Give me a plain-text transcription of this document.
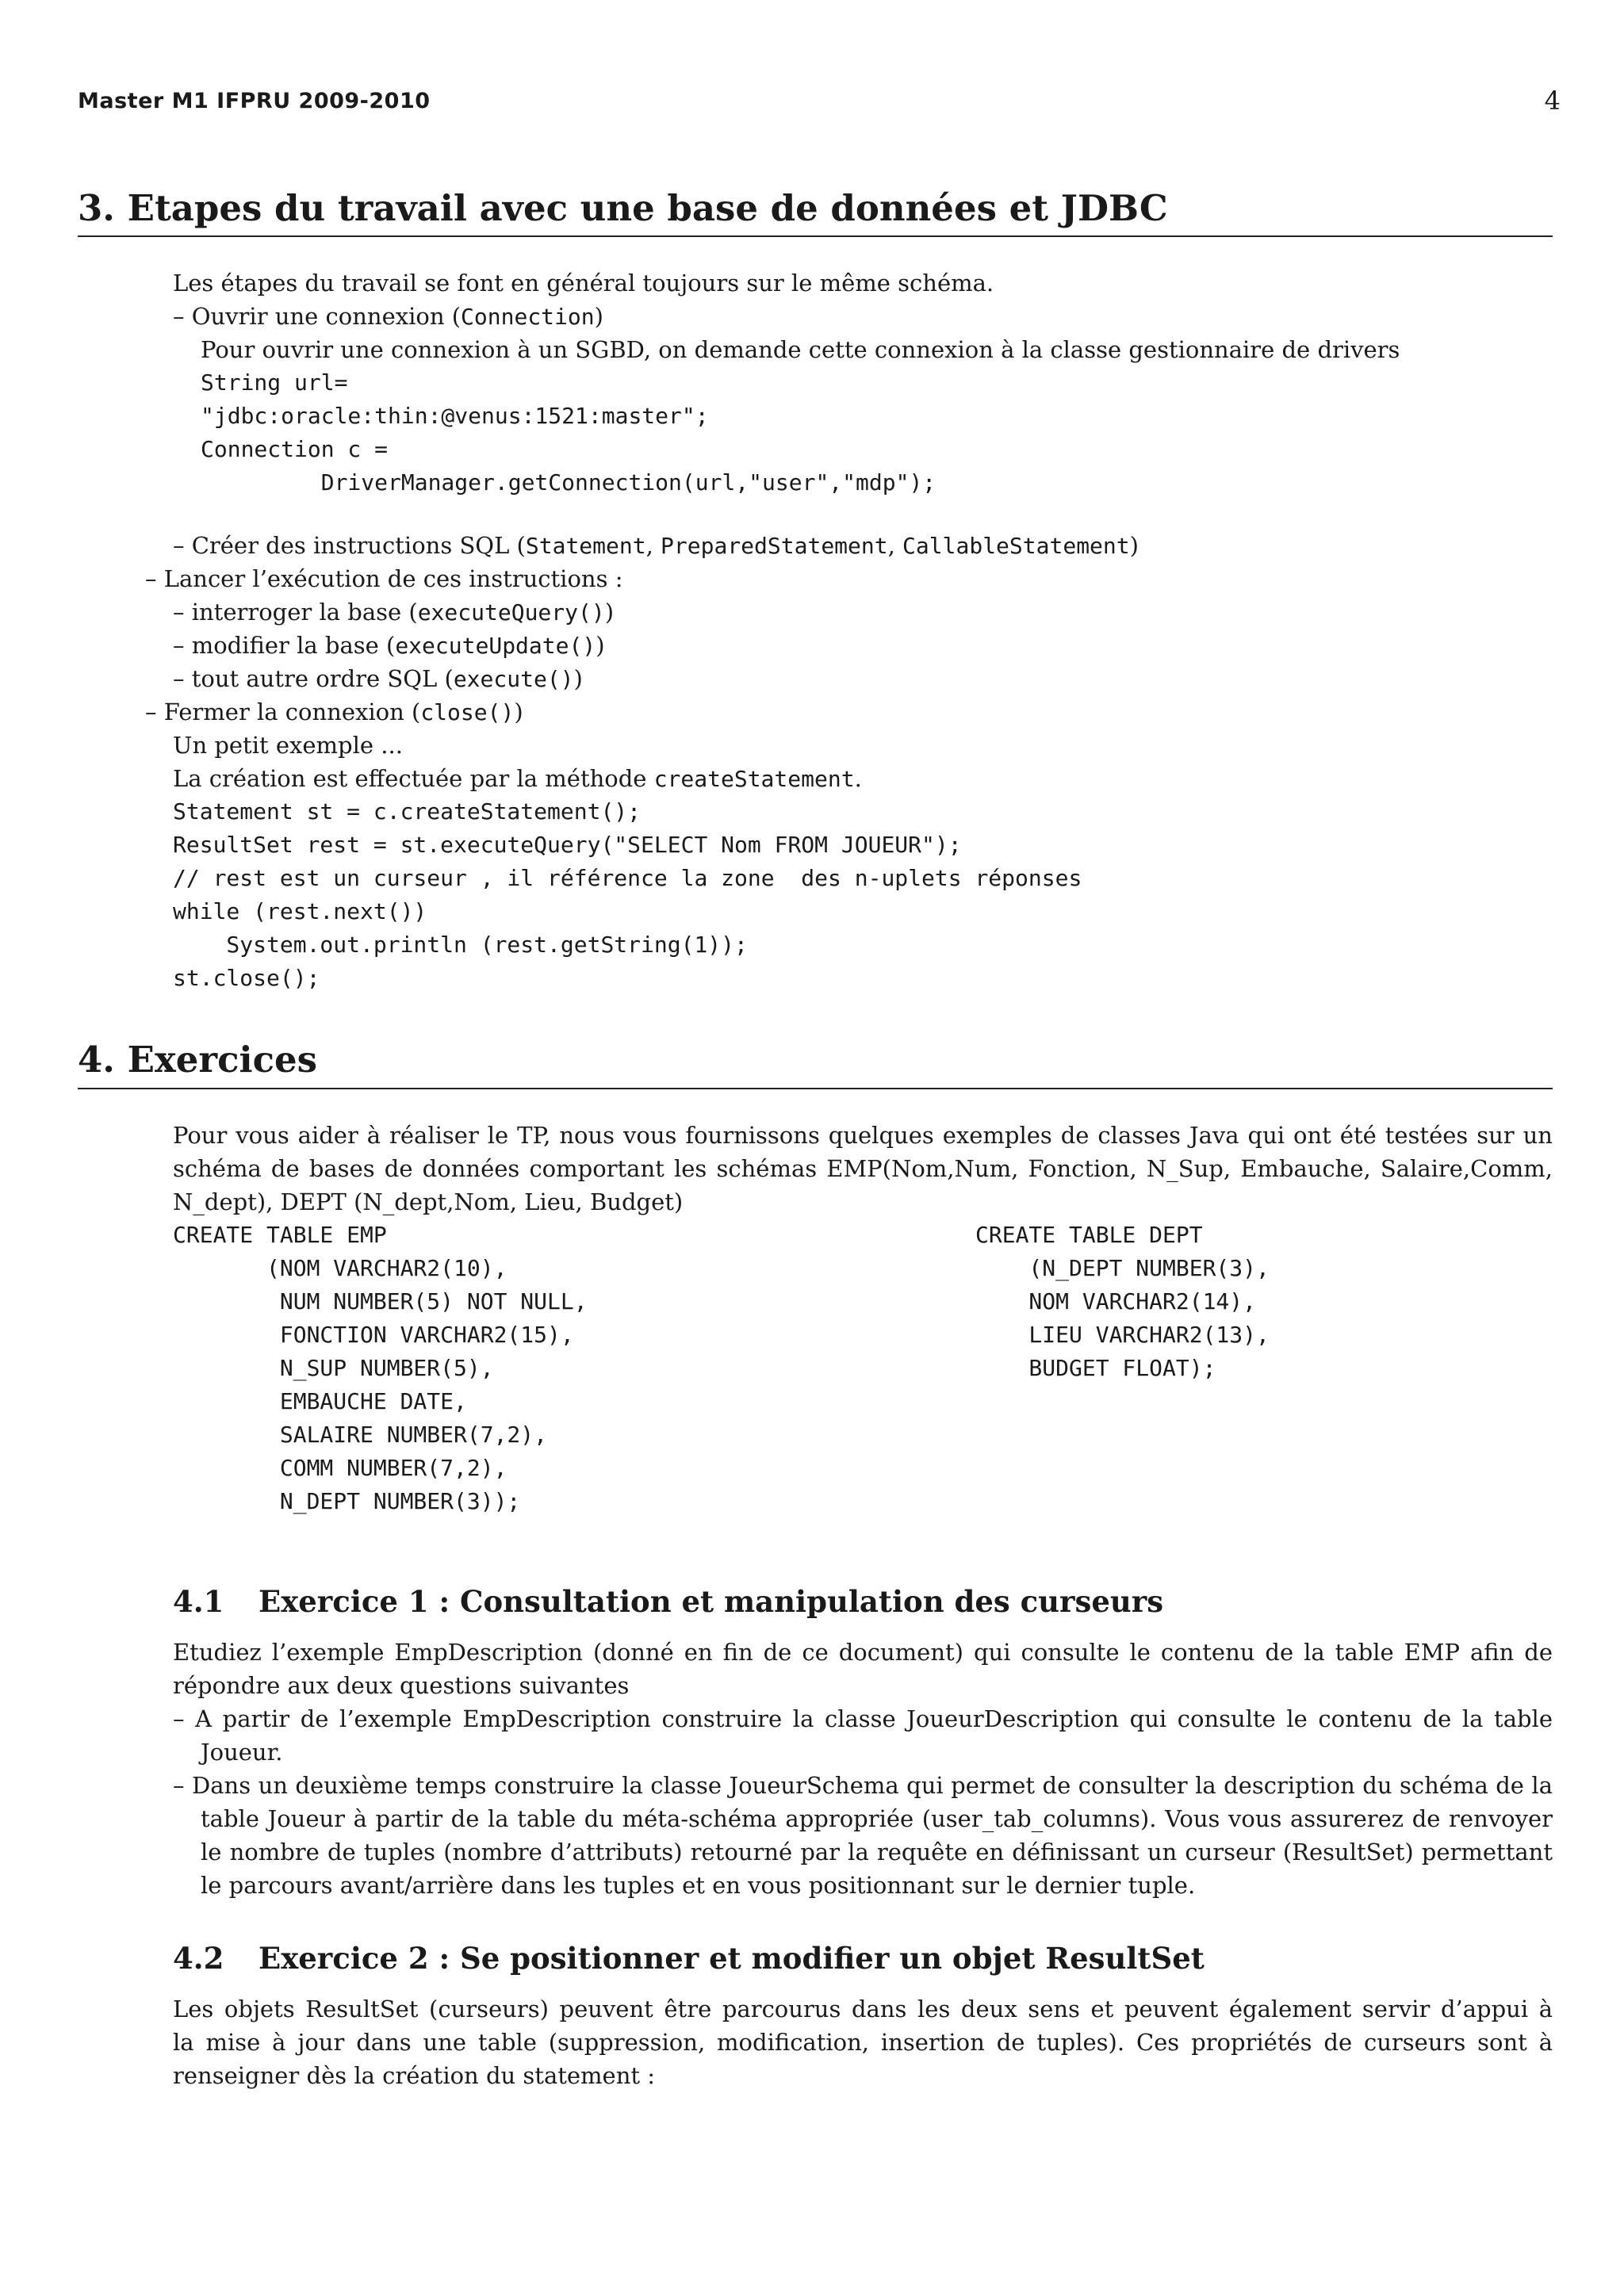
Master M1 IFPRU 2009-2010	4
3. Etapes du travail avec une base de données et JDBC
Les étapes du travail se font en général toujours sur le même schéma.
– Ouvrir une connexion (Connection)
Pour ouvrir une connexion à un SGBD, on demande cette connexion à la classe gestionnaire de drivers
String url=
"jdbc:oracle:thin:@venus:1521:master";
Connection c =
DriverManager.getConnection(url,"user","mdp");
– Créer des instructions SQL (Statement, PreparedStatement, CallableStatement)
– Lancer l’exécution de ces instructions :
– interroger la base (executeQuery())
– modifier la base (executeUpdate())
– tout autre ordre SQL (execute())
– Fermer la connexion (close())
Un petit exemple ...
La création est effectuée par la méthode createStatement.
Statement st = c.createStatement();
ResultSet rest = st.executeQuery("SELECT Nom FROM JOUEUR");
// rest est un curseur , il référence la zone  des n-uplets réponses
while (rest.next())
System.out.println (rest.getString(1));
st.close();
4. Exercices
Pour vous aider à réaliser le TP, nous vous fournissons quelques exemples de classes Java qui ont été testées sur un
schéma de bases de données comportant les schémas EMP(Nom,Num, Fonction, N_Sup, Embauche, Salaire,Comm,
N_dept), DEPT (N_dept,Nom, Lieu, Budget)
CREATE TABLE EMP
(NOM VARCHAR2(10),
NUM NUMBER(5) NOT NULL,
FONCTION VARCHAR2(15),
N_SUP NUMBER(5),
EMBAUCHE DATE,
SALAIRE NUMBER(7,2),
COMM NUMBER(7,2),
N_DEPT NUMBER(3));
CREATE TABLE DEPT
(N_DEPT NUMBER(3),
NOM VARCHAR2(14),
LIEU VARCHAR2(13),
BUDGET FLOAT);
4.1 Exercice 1 : Consultation et manipulation des curseurs
Etudiez l’exemple EmpDescription (donné en fin de ce document) qui consulte le contenu de la table EMP afin de
répondre aux deux questions suivantes
– A partir de l’exemple EmpDescription construire la classe JoueurDescription qui consulte le contenu de la table
Joueur.
– Dans un deuxième temps construire la classe JoueurSchema qui permet de consulter la description du schéma de la
table Joueur à partir de la table du méta-schéma appropriée (user_tab_columns). Vous vous assurerez de renvoyer
le nombre de tuples (nombre d’attributs) retourné par la requête en définissant un curseur (ResultSet) permettant
le parcours avant/arrière dans les tuples et en vous positionnant sur le dernier tuple.
4.2 Exercice 2 : Se positionner et modifier un objet ResultSet
Les objets ResultSet (curseurs) peuvent être parcourus dans les deux sens et peuvent également servir d’appui à
la mise à jour dans une table (suppression, modification, insertion de tuples). Ces propriétés de curseurs sont à
renseigner dès la création du statement :
